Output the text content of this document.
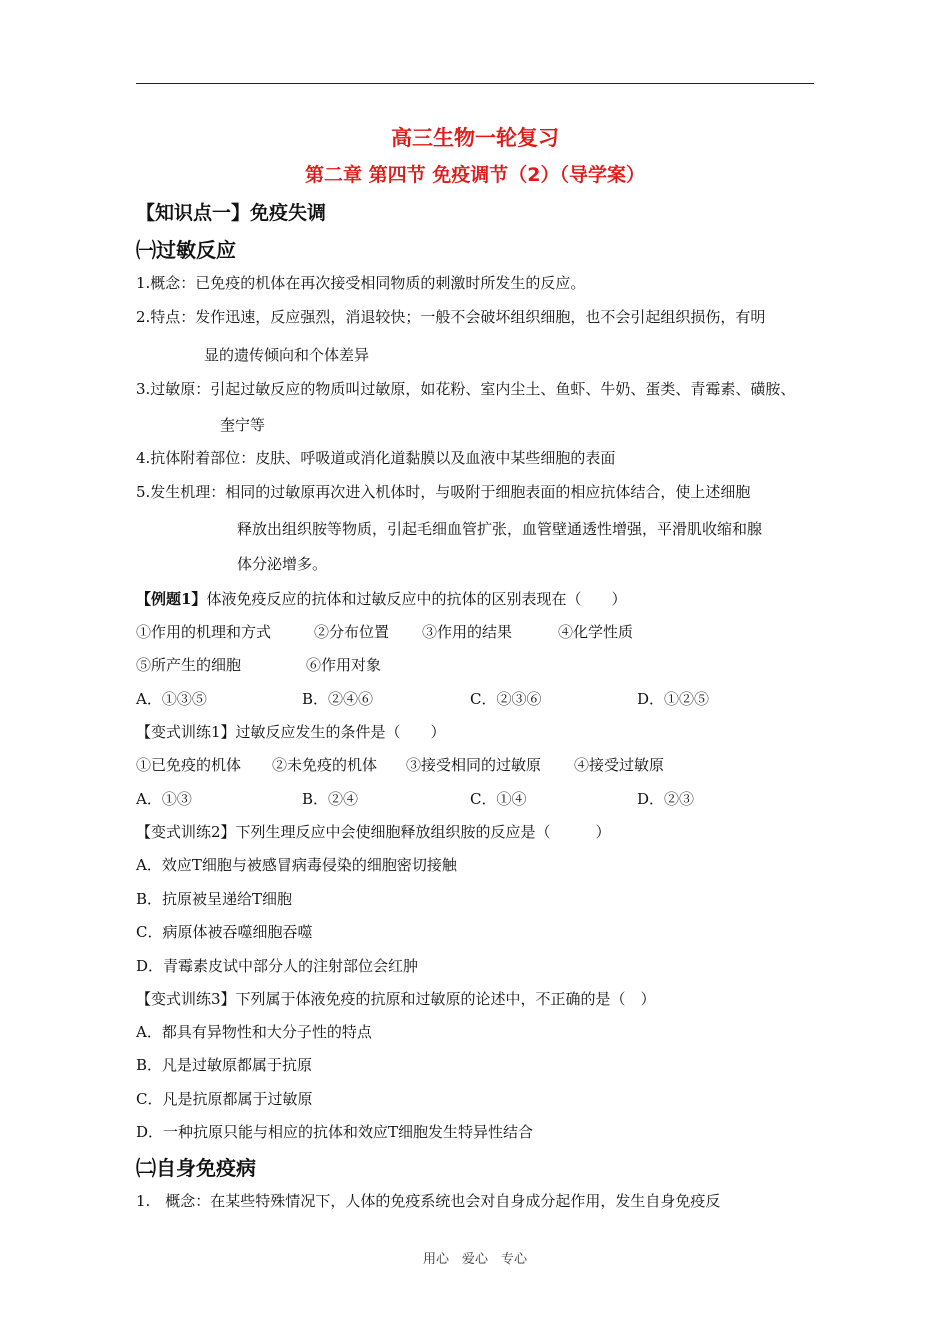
高三生物一轮复习
第二章 第四节 免疫调节（2）（导学案）
【知识点一】免疫失调
㈠过敏反应
1.概念：已免疫的机体在再次接受相同物质的刺激时所发生的反应。
2.特点：发作迅速，反应强烈，消退较快；一般不会破坏组织细胞，也不会引起组织损伤，有明
显的遗传倾向和个体差异
3.过敏原：引起过敏反应的物质叫过敏原，如花粉、室内尘土、鱼虾、牛奶、蛋类、青霉素、磺胺、
奎宁等
4.抗体附着部位：皮肤、呼吸道或消化道黏膜以及血液中某些细胞的表面
5.发生机理：相同的过敏原再次进入机体时，与吸附于细胞表面的相应抗体结合，使上述细胞
释放出组织胺等物质，引起毛细血管扩张，血管壁通透性增强，平滑肌收缩和腺
体分泌增多。
【例题1】体液免疫反应的抗体和过敏反应中的抗体的区别表现在（　　）
①作用的机理和方式	②分布位置 ③作用的结果	④化学性质
⑤所产生的细胞	⑥作用对象
A．①③⑤	B．②④⑥	C．②③⑥	D．①②⑤
【变式训练1】过敏反应发生的条件是（　　）
①已免疫的机体 ②未免疫的机体 ③接受相同的过敏原 ④接受过敏原
A．①③	B．②④	C．①④	D．②③
【变式训练2】下列生理反应中会使细胞释放组织胺的反应是（　　　）
A．效应T细胞与被感冒病毒侵染的细胞密切接触
B．抗原被呈递给T细胞
C．病原体被吞噬细胞吞噬
D．青霉素皮试中部分人的注射部位会红肿
【变式训练3】下列属于体液免疫的抗原和过敏原的论述中，不正确的是（　）
A．都具有异物性和大分子性的特点
B．凡是过敏原都属于抗原
C．凡是抗原都属于过敏原
D．一种抗原只能与相应的抗体和效应T细胞发生特异性结合
㈡自身免疫病
1.　概念：在某些特殊情况下，人体的免疫系统也会对自身成分起作用，发生自身免疫反
用心　爱心　专心
